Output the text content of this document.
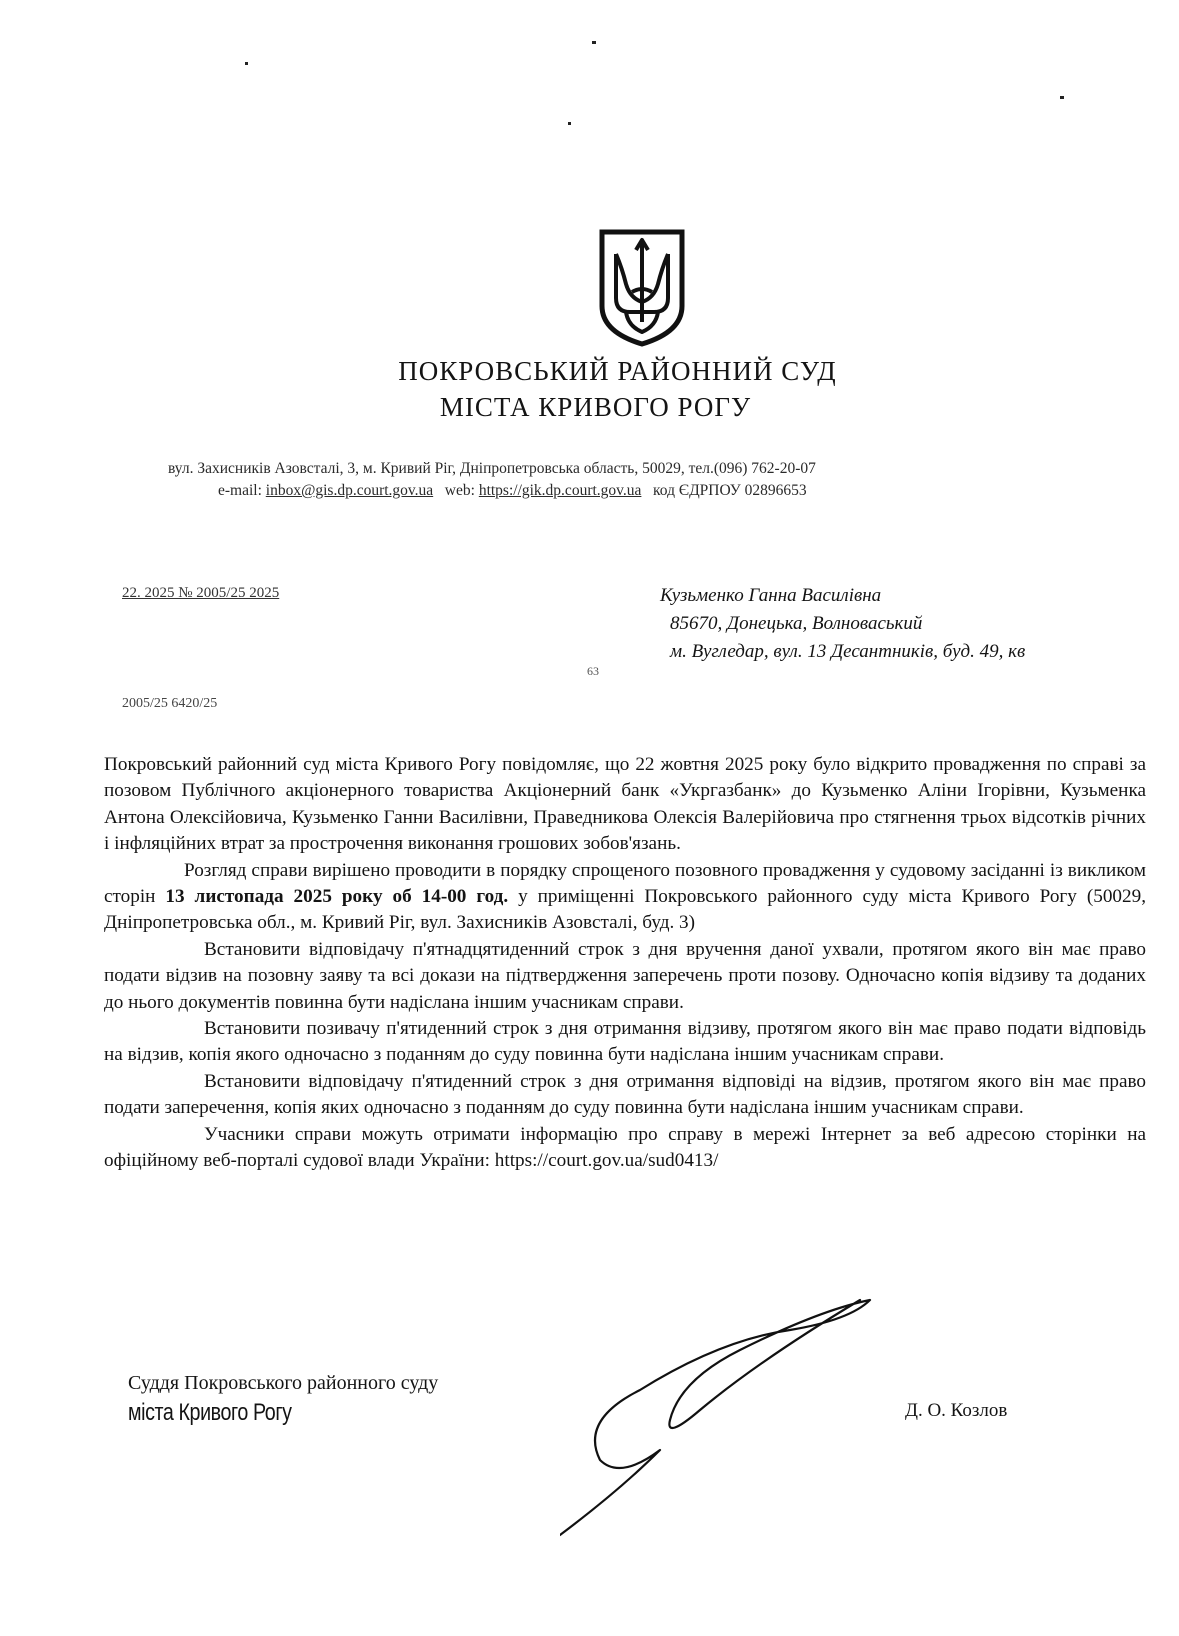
ПОКРОВСЬКИЙ РАЙОННИЙ СУД
МІСТА КРИВОГО РОГУ
вул. Захисників Азовсталі, 3, м. Кривий Ріг, Дніпропетровська область, 50029, тел.(096) 762-20-07
e-mail: inbox@gis.dp.court.gov.ua web: https://gik.dp.court.gov.ua код ЄДРПОУ 02896653
22. 2025 № 2005/25 2025
2005/25 6420/25
Кузьменко Ганна Василівна
85670, Донецька, Волноваський
м. Вугледар, вул. 13 Десантників, буд. 49, кв
63

Покровський районний суд міста Кривого Рогу повідомляє, що 22 жовтня 2025 року було відкрито провадження по справі за позовом Публічного акціонерного товариства Акціонерний банк «Укргазбанк» до Кузьменко Аліни Ігорівни, Кузьменка Антона Олексійовича, Кузьменко Ганни Василівни, Праведникова Олексія Валерійовича про стягнення трьох відсотків річних і інфляційних втрат за прострочення виконання грошових зобов'язань.

Розгляд справи вирішено проводити в порядку спрощеного позовного провадження у судовому засіданні із викликом сторін 13 листопада 2025 року об 14-00 год. у приміщенні Покровського районного суду міста Кривого Рогу (50029, Дніпропетровська обл., м. Кривий Ріг, вул. Захисників Азовсталі, буд. 3)

Встановити відповідачу п'ятнадцятиденний строк з дня вручення даної ухвали, протягом якого він має право подати відзив на позовну заяву та всі докази на підтвердження заперечень проти позову. Одночасно копія відзиву та доданих до нього документів повинна бути надіслана іншим учасникам справи.

Встановити позивачу п'ятиденний строк з дня отримання відзиву, протягом якого він має право подати відповідь на відзив, копія якого одночасно з поданням до суду повинна бути надіслана іншим учасникам справи.

Встановити відповідачу п'ятиденний строк з дня отримання відповіді на відзив, протягом якого він має право подати заперечення, копія яких одночасно з поданням до суду повинна бути надіслана іншим учасникам справи.

Учасники справи можуть отримати інформацію про справу в мережі Інтернет за веб адресою сторінки на офіційному веб-порталі судової влади України: https://court.gov.ua/sud0413/

Суддя Покровського районного суду
міста Кривого Рогу	Д. О. Козлов
